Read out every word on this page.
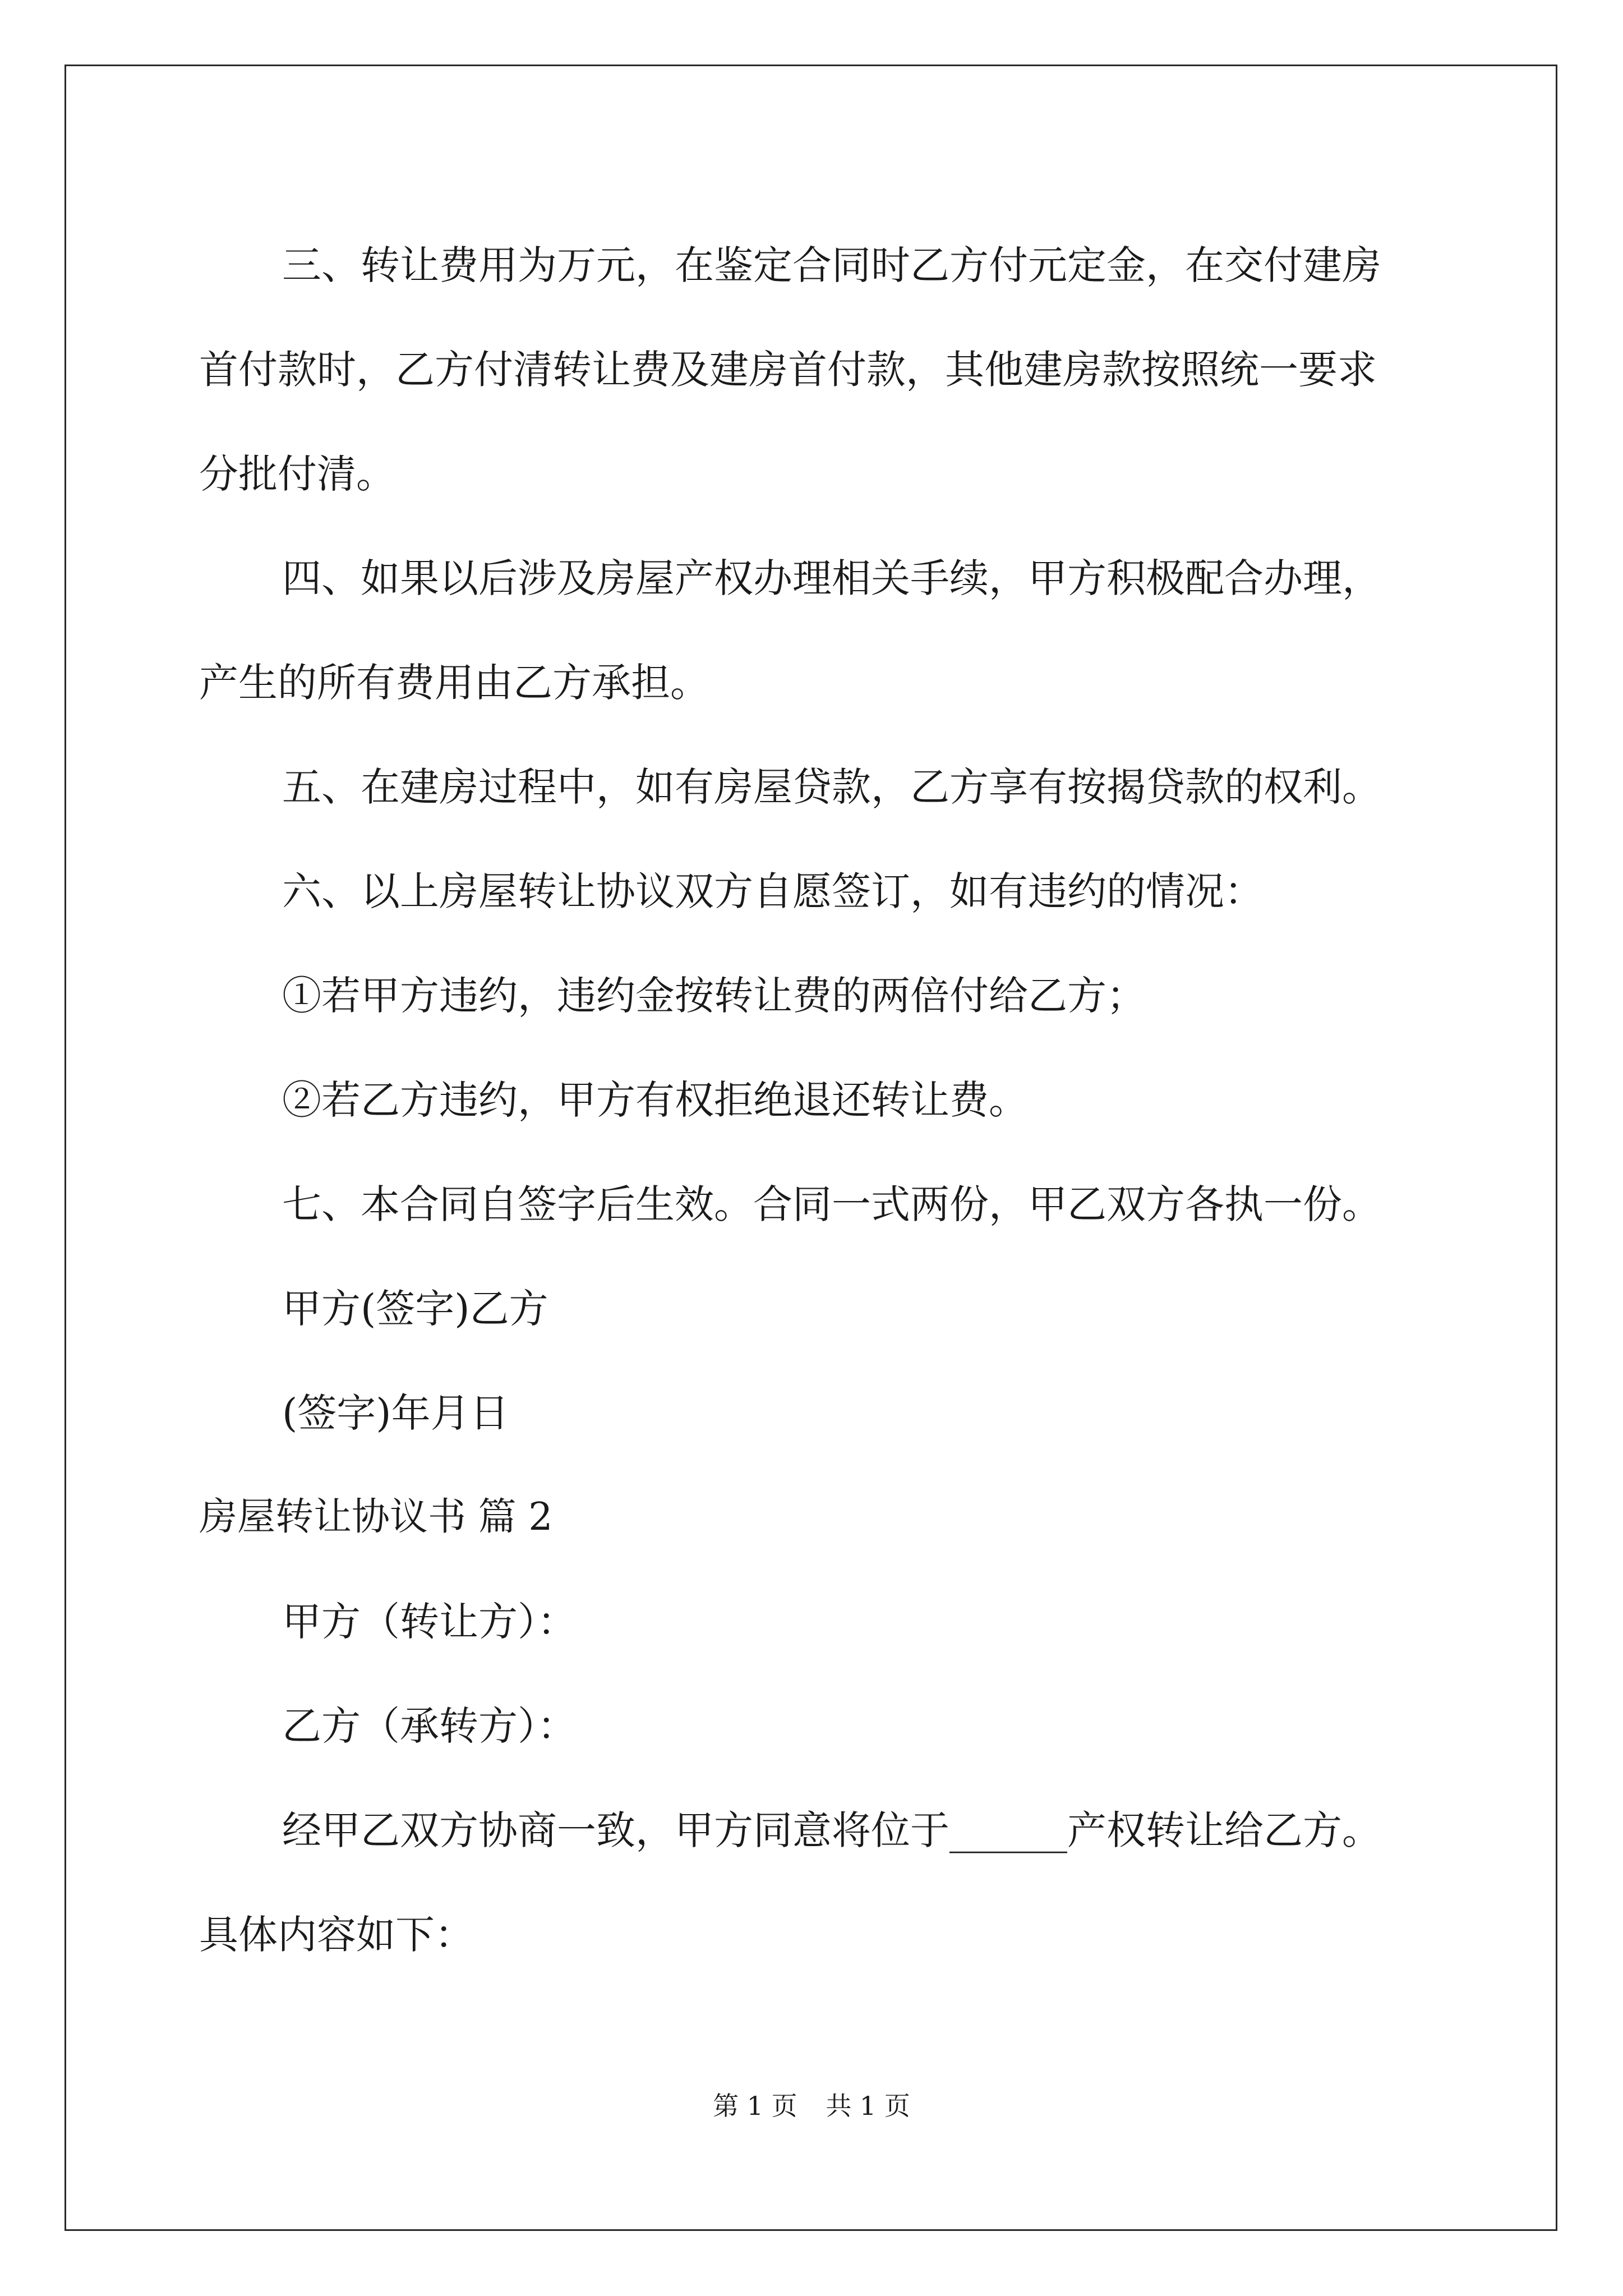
三、转让费用为万元，在鉴定合同时乙方付元定金，在交付建房

首付款时，乙方付清转让费及建房首付款，其他建房款按照统一要求

分批付清。

四、如果以后涉及房屋产权办理相关手续，甲方积极配合办理，

产生的所有费用由乙方承担。

五、在建房过程中，如有房屋贷款，乙方享有按揭贷款的权利。

六、以上房屋转让协议双方自愿签订，如有违约的情况：

①若甲方违约，违约金按转让费的两倍付给乙方；

②若乙方违约，甲方有权拒绝退还转让费。

七、本合同自签字后生效。合同一式两份，甲乙双方各执一份。

甲方(签字)乙方

(签字)年月日

房屋转让协议书 篇 2

甲方（转让方）：

乙方（承转方）：

经甲乙双方协商一致，甲方同意将位于______产权转让给乙方。

具体内容如下：

第 1 页 共 1 页
